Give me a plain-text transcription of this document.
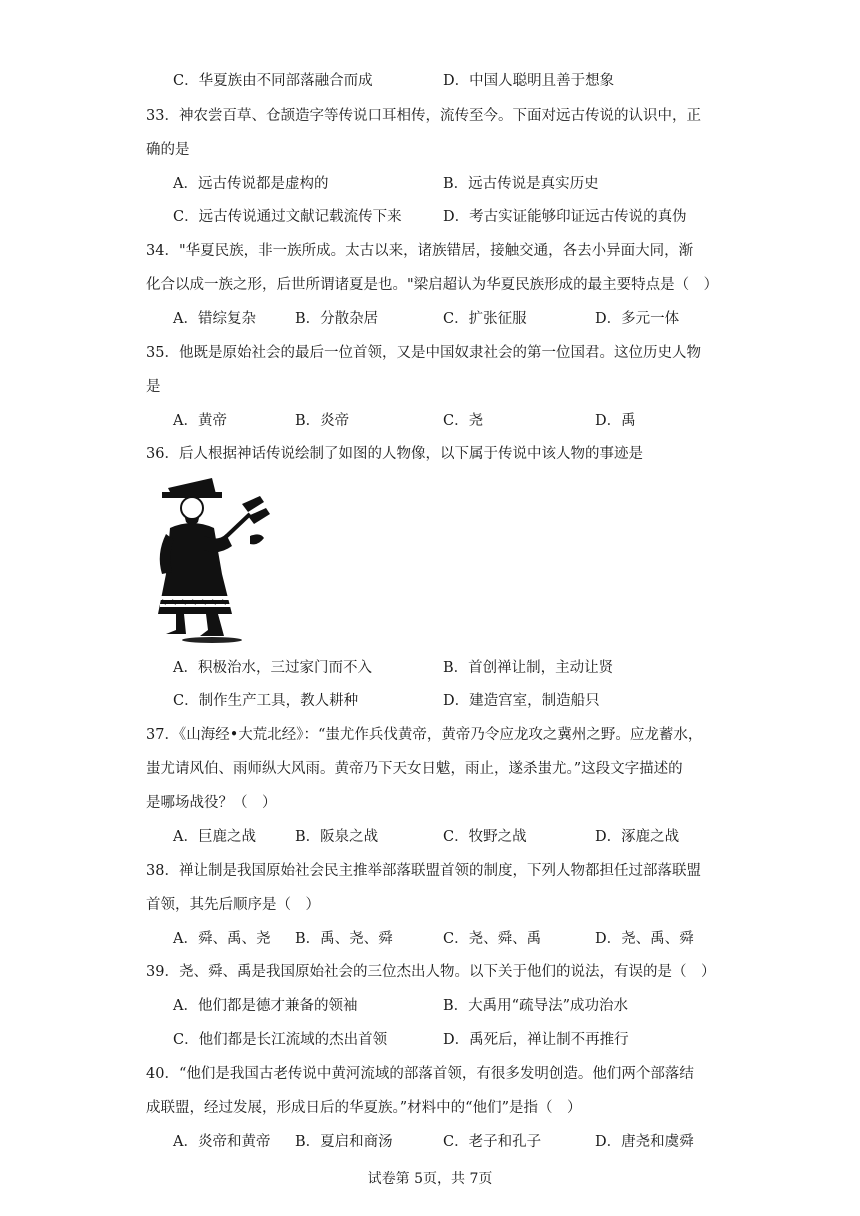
C．华夏族由不同部落融合而成	D．中国人聪明且善于想象
33．神农尝百草、仓颉造字等传说口耳相传，流传至今。下面对远古传说的认识中，正
确的是
A．远古传说都是虚构的	B．远古传说是真实历史
C．远古传说通过文献记载流传下来	D．考古实证能够印证远古传说的真伪
34．"华夏民族，非一族所成。太古以来，诸族错居，接触交通，各去小异面大同，渐
化合以成一族之形，后世所谓诸夏是也。"梁启超认为华夏民族形成的最主要特点是（　）
A．错综复杂	B．分散杂居	C．扩张征服	D．多元一体
35．他既是原始社会的最后一位首领，又是中国奴隶社会的第一位国君。这位历史人物
是
A．黄帝	B．炎帝	C．尧	D．禹
36．后人根据神话传说绘制了如图的人物像，以下属于传说中该人物的事迹是
A．积极治水，三过家门而不入	B．首创禅让制，主动让贤
C．制作生产工具，教人耕种	D．建造宫室，制造船只
37．《山海经•大荒北经》：“蚩尤作兵伐黄帝，黄帝乃令应龙攻之冀州之野。应龙蓄水，
蚩尤请风伯、雨师纵大风雨。黄帝乃下天女日魃，雨止，遂杀蚩尤。”这段文字描述的
是哪场战役？（　）
A．巨鹿之战	B．阪泉之战	C．牧野之战	D．涿鹿之战
38．禅让制是我国原始社会民主推举部落联盟首领的制度，下列人物都担任过部落联盟
首领，其先后顺序是（　）
A．舜、禹、尧 B．禹、尧、舜	C．尧、舜、禹	D．尧、禹、舜
39．尧、舜、禹是我国原始社会的三位杰出人物。以下关于他们的说法，有误的是（　）
A．他们都是德才兼备的领袖	B．大禹用“疏导法”成功治水
C．他们都是长江流域的杰出首领	D．禹死后，禅让制不再推行
40．“他们是我国古老传说中黄河流域的部落首领，有很多发明创造。他们两个部落结
成联盟，经过发展，形成日后的华夏族。”材料中的“他们”是指（　）
A．炎帝和黄帝 B．夏启和商汤	C．老子和孔子	D．唐尧和虞舜
试卷第 5页，共 7页
